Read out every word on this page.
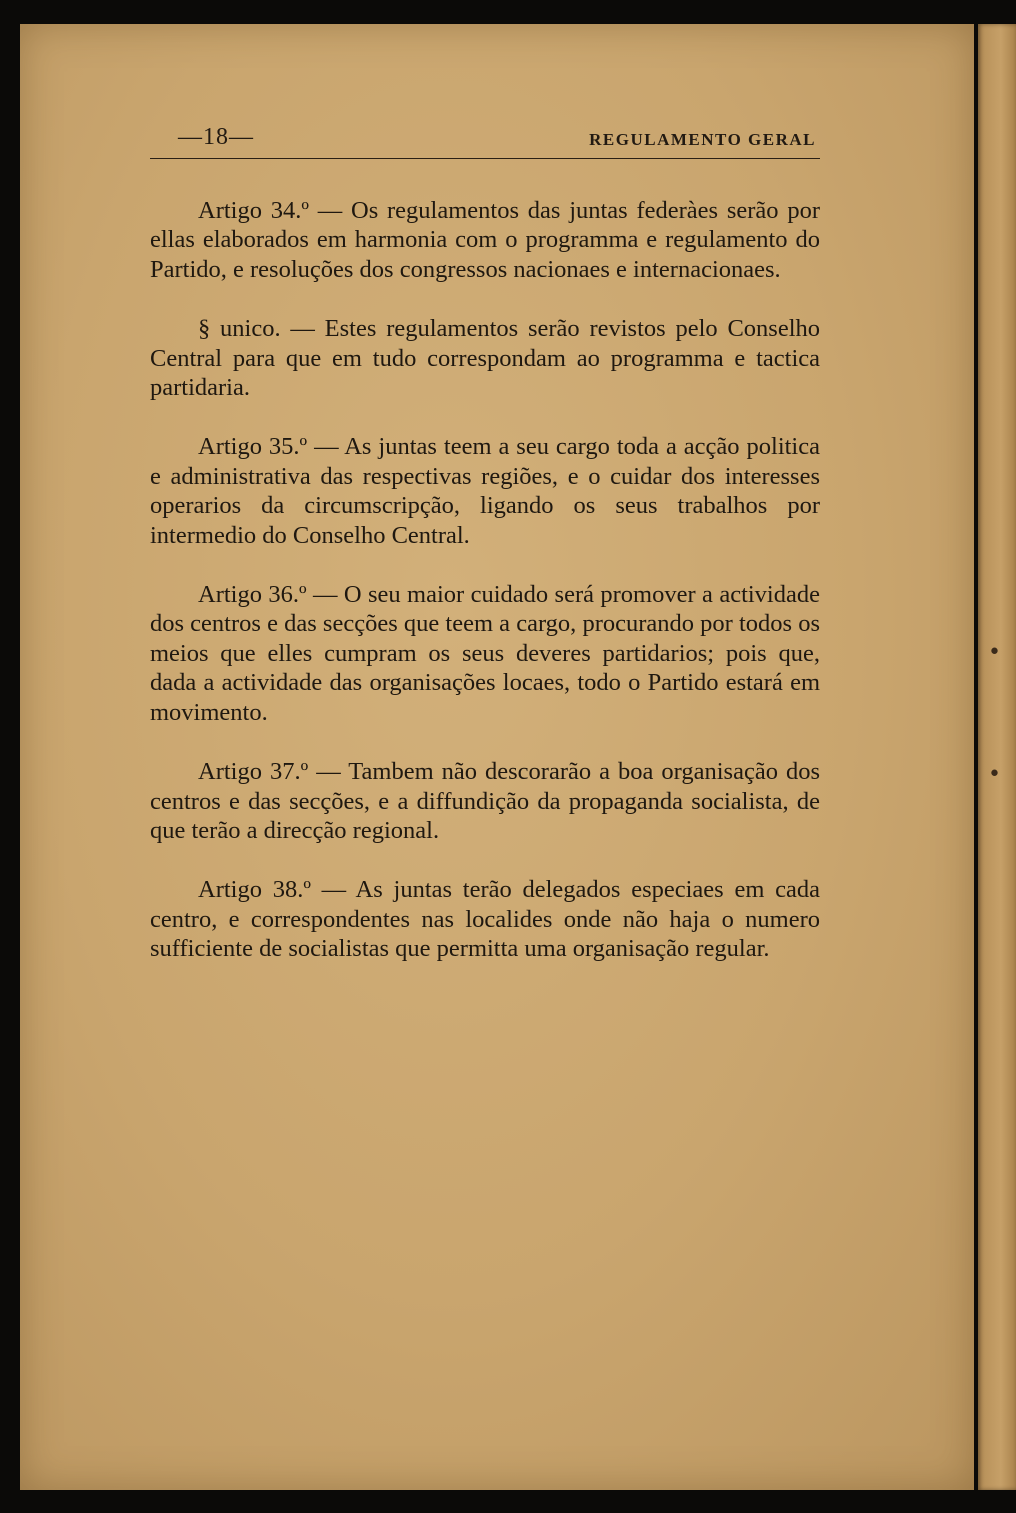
•
•
—18—	REGULAMENTO GERAL

Artigo 34.º — Os regulamentos das juntas federàes serão por ellas elaborados em harmonia com o programma e regulamento do Partido, e resoluções dos congressos nacionaes e internacionaes.

§ unico. — Estes regulamentos serão revistos pelo Conselho Central para que em tudo correspondam ao programma e tactica partidaria.

Artigo 35.º — As juntas teem a seu cargo toda a acção politica e administrativa das respectivas regiões, e o cuidar dos interesses operarios da circumscripção, ligando os seus trabalhos por intermedio do Conselho Central.

Artigo 36.º — O seu maior cuidado será promover a actividade dos centros e das secções que teem a cargo, procurando por todos os meios que elles cumpram os seus deveres partidarios; pois que, dada a actividade das organisações locaes, todo o Partido estará em movimento.

Artigo 37.º — Tambem não descorarão a boa organisação dos centros e das secções, e a diffundição da propaganda socialista, de que terão a direcção regional.

Artigo 38.º — As juntas terão delegados especiaes em cada centro, e correspondentes nas localides onde não haja o numero sufficiente de socialistas que permitta uma organisação regular.
